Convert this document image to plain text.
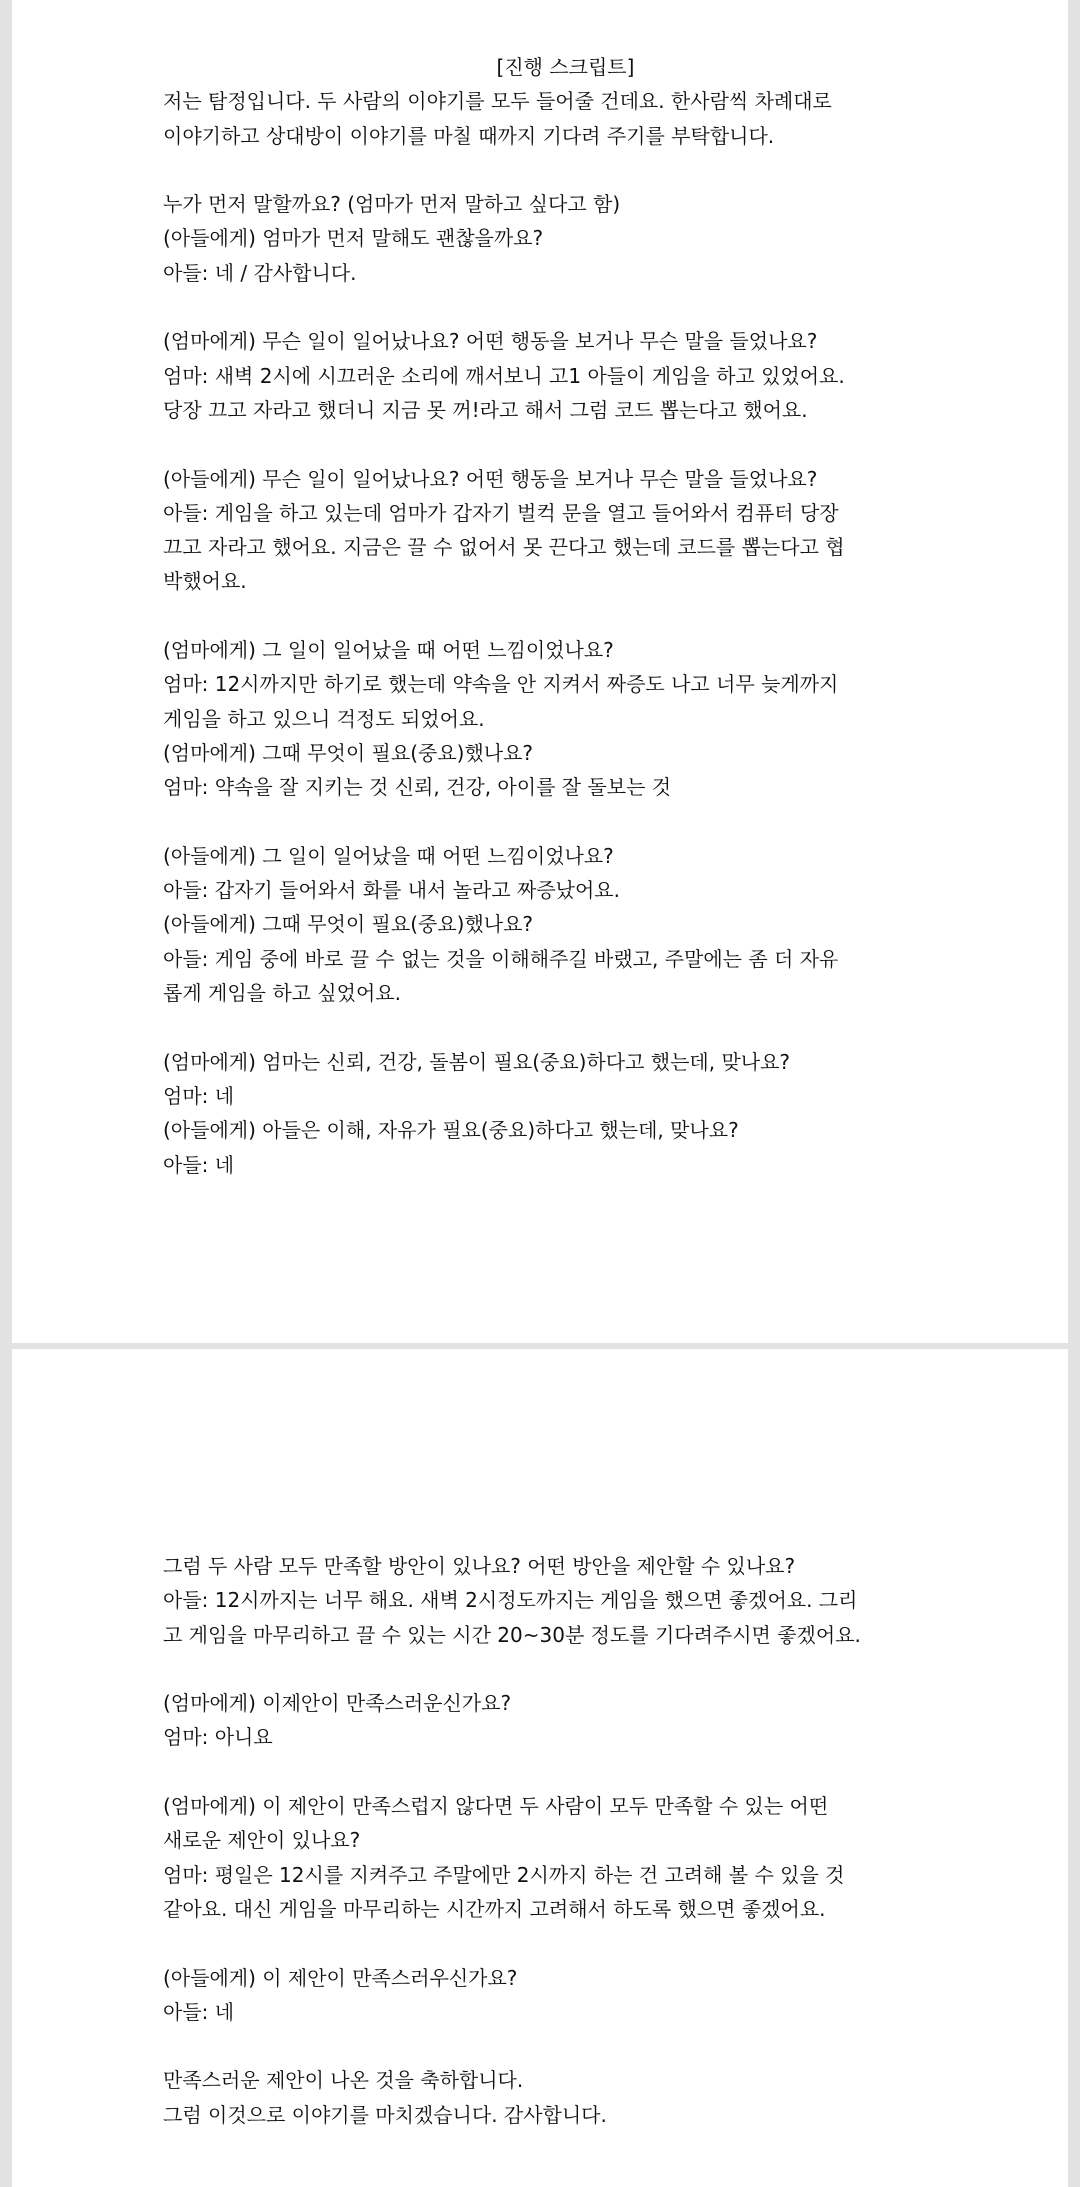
[진행 스크립트]
저는 탐정입니다. 두 사람의 이야기를 모두 들어줄 건데요. 한사람씩 차례대로
이야기하고 상대방이 이야기를 마칠 때까지 기다려 주기를 부탁합니다.
누가 먼저 말할까요? (엄마가 먼저 말하고 싶다고 함)
(아들에게) 엄마가 먼저 말해도 괜찮을까요?
아들: 네 / 감사합니다.
(엄마에게) 무슨 일이 일어났나요? 어떤 행동을 보거나 무슨 말을 들었나요?
엄마: 새벽 2시에 시끄러운 소리에 깨서보니 고1 아들이 게임을 하고 있었어요.
당장 끄고 자라고 했더니 지금 못 꺼!라고 해서 그럼 코드 뽑는다고 했어요.
(아들에게) 무슨 일이 일어났나요? 어떤 행동을 보거나 무슨 말을 들었나요?
아들: 게임을 하고 있는데 엄마가 갑자기 벌컥 문을 열고 들어와서 컴퓨터 당장
끄고 자라고 했어요. 지금은 끌 수 없어서 못 끈다고 했는데 코드를 뽑는다고 협
박했어요.
(엄마에게) 그 일이 일어났을 때 어떤 느낌이었나요?
엄마: 12시까지만 하기로 했는데 약속을 안 지켜서 짜증도 나고 너무 늦게까지
게임을 하고 있으니 걱정도 되었어요.
(엄마에게) 그때 무엇이 필요(중요)했나요?
엄마: 약속을 잘 지키는 것 신뢰, 건강, 아이를 잘 돌보는 것
(아들에게) 그 일이 일어났을 때 어떤 느낌이었나요?
아들: 갑자기 들어와서 화를 내서 놀라고 짜증났어요.
(아들에게) 그때 무엇이 필요(중요)했나요?
아들: 게임 중에 바로 끌 수 없는 것을 이해해주길 바랬고, 주말에는 좀 더 자유
롭게 게임을 하고 싶었어요.
(엄마에게) 엄마는 신뢰, 건강, 돌봄이 필요(중요)하다고 했는데, 맞나요?
엄마: 네
(아들에게) 아들은 이해, 자유가 필요(중요)하다고 했는데, 맞나요?
아들: 네
그럼 두 사람 모두 만족할 방안이 있나요? 어떤 방안을 제안할 수 있나요?
아들: 12시까지는 너무 해요. 새벽 2시정도까지는 게임을 했으면 좋겠어요. 그리
고 게임을 마무리하고 끌 수 있는 시간 20~30분 정도를 기다려주시면 좋겠어요.
(엄마에게) 이제안이 만족스러운신가요?
엄마: 아니요
(엄마에게) 이 제안이 만족스럽지 않다면 두 사람이 모두 만족할 수 있는 어떤
새로운 제안이 있나요?
엄마: 평일은 12시를 지켜주고 주말에만 2시까지 하는 건 고려해 볼 수 있을 것
같아요. 대신 게임을 마무리하는 시간까지 고려해서 하도록 했으면 좋겠어요.
(아들에게) 이 제안이 만족스러우신가요?
아들: 네
만족스러운 제안이 나온 것을 축하합니다.
그럼 이것으로 이야기를 마치겠습니다. 감사합니다.
